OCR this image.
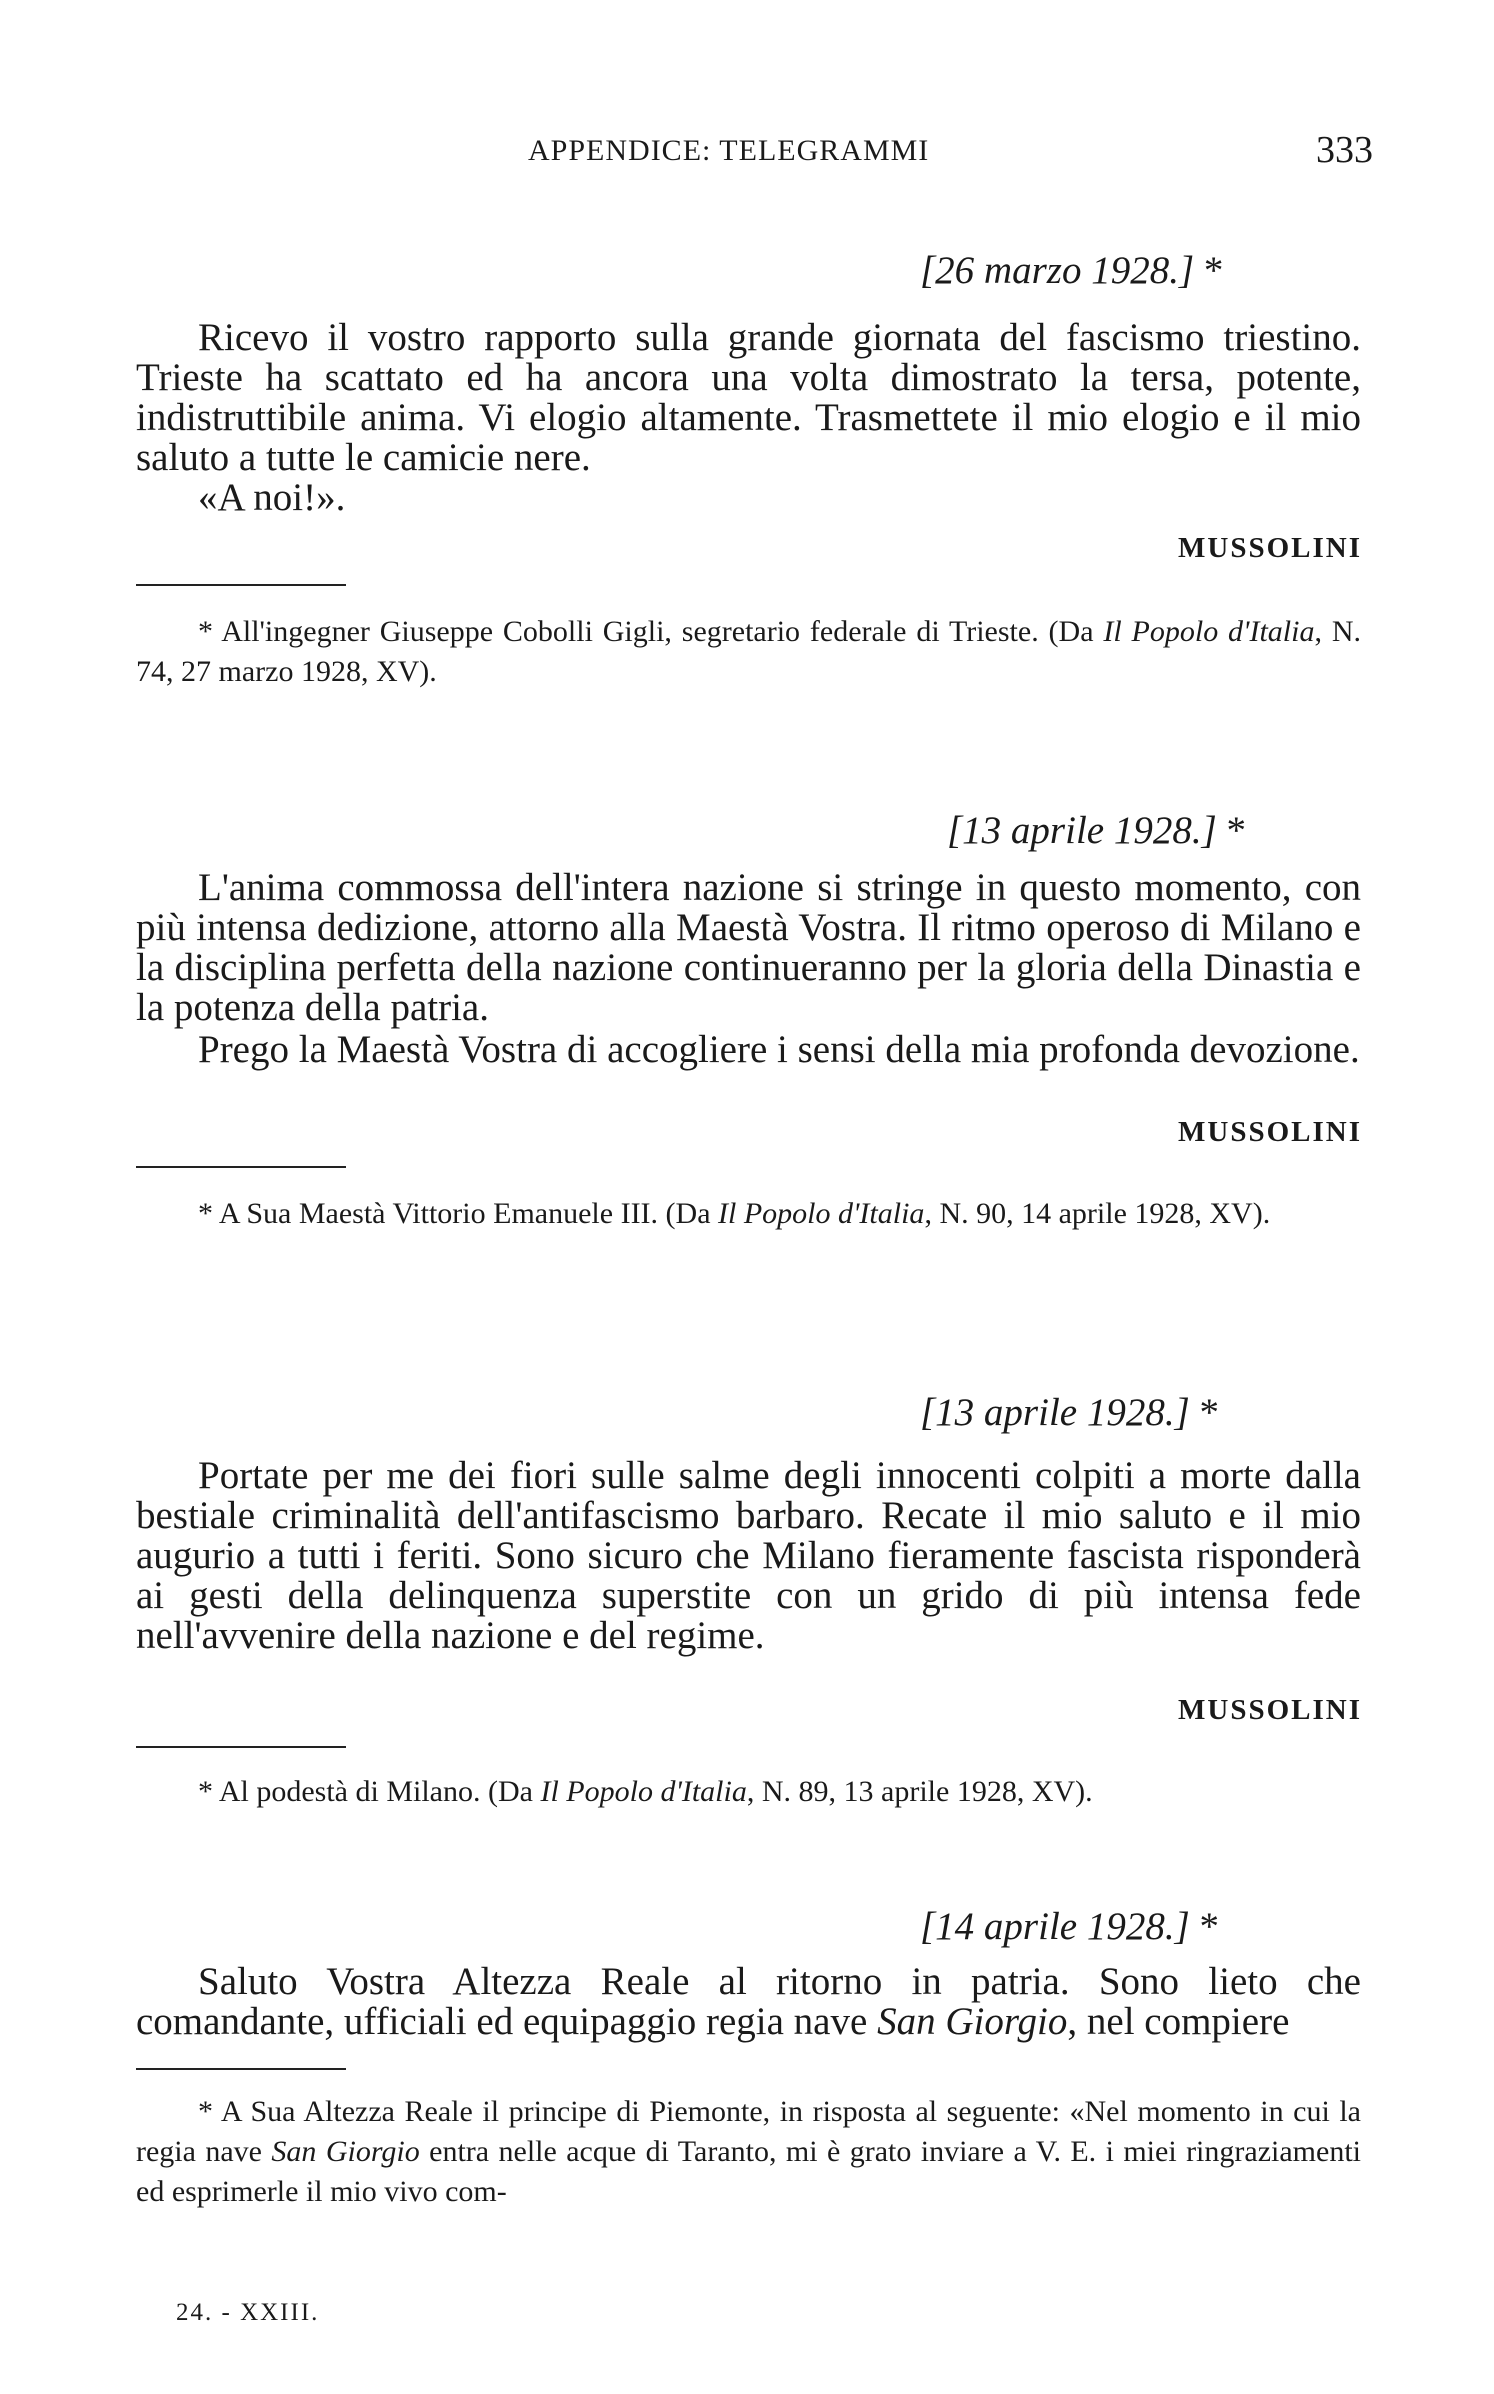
APPENDICE: TELEGRAMMI	333
[26 marzo 1928.] *
Ricevo il vostro rapporto sulla grande giornata del fascismo triestino. Trieste ha scattato ed ha ancora una volta dimostrato la tersa, potente, indistruttibile anima. Vi elogio altamente. Trasmettete il mio elogio e il mio saluto a tutte le camicie nere.
«A noi!».
MUSSOLINI
* All'ingegner Giuseppe Cobolli Gigli, segretario federale di Trieste. (Da Il Popolo d'Italia, N. 74, 27 marzo 1928, XV).
[13 aprile 1928.] *
L'anima commossa dell'intera nazione si stringe in questo momento, con più intensa dedizione, attorno alla Maestà Vostra. Il ritmo operoso di Milano e la disciplina perfetta della nazione continueranno per la gloria della Dinastia e la potenza della patria.
Prego la Maestà Vostra di accogliere i sensi della mia profonda devozione.
MUSSOLINI
* A Sua Maestà Vittorio Emanuele III. (Da Il Popolo d'Italia, N. 90, 14 aprile 1928, XV).
[13 aprile 1928.] *
Portate per me dei fiori sulle salme degli innocenti colpiti a morte dalla bestiale criminalità dell'antifascismo barbaro. Recate il mio saluto e il mio augurio a tutti i feriti. Sono sicuro che Milano fieramente fascista risponderà ai gesti della delinquenza superstite con un grido di più intensa fede nell'avvenire della nazione e del regime.
MUSSOLINI
* Al podestà di Milano. (Da Il Popolo d'Italia, N. 89, 13 aprile 1928, XV).
[14 aprile 1928.] *
Saluto Vostra Altezza Reale al ritorno in patria. Sono lieto che comandante, ufficiali ed equipaggio regia nave San Giorgio, nel compiere
* A Sua Altezza Reale il principe di Piemonte, in risposta al seguente: «Nel momento in cui la regia nave San Giorgio entra nelle acque di Taranto, mi è grato inviare a V. E. i miei ringraziamenti ed esprimerle il mio vivo com-
24. - XXIII.
